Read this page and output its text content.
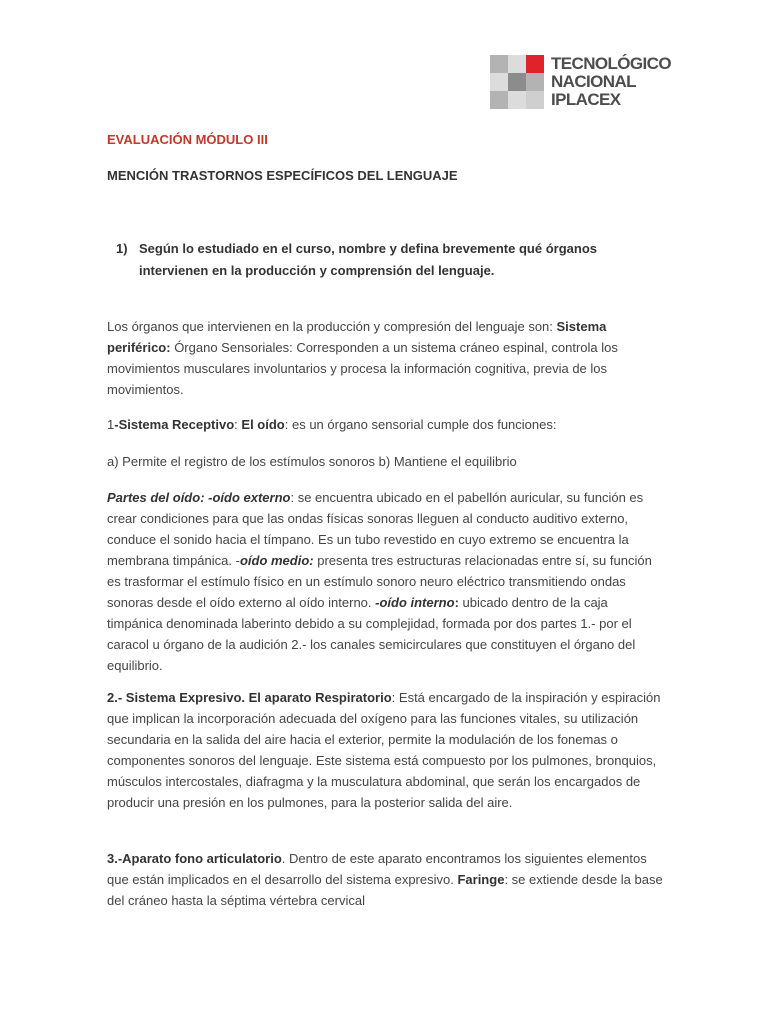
TECNOLÓGICO
NACIONAL
IPLACEX
EVALUACIÓN MÓDULO III
MENCIÓN TRASTORNOS ESPECÍFICOS DEL LENGUAJE
1) Según lo estudiado en el curso, nombre y defina brevemente qué órganos intervienen en la producción y comprensión del lenguaje.
Los órganos que intervienen en la producción y compresión del lenguaje son: Sistema periférico: Órgano Sensoriales: Corresponden a un sistema cráneo espinal, controla los movimientos musculares involuntarios y procesa la información cognitiva, previa de los movimientos.
1-Sistema Receptivo: El oído: es un órgano sensorial cumple dos funciones:
a) Permite el registro de los estímulos sonoros b) Mantiene el equilibrio
Partes del oído: -oído externo: se encuentra ubicado en el pabellón auricular, su función es crear condiciones para que las ondas físicas sonoras lleguen al conducto auditivo externo, conduce el sonido hacia el tímpano. Es un tubo revestido en cuyo extremo se encuentra la membrana timpánica. -oído medio: presenta tres estructuras relacionadas entre sí, su función es trasformar el estímulo físico en un estímulo sonoro neuro eléctrico transmitiendo ondas sonoras desde el oído externo al oído interno. -oído interno: ubicado dentro de la caja timpánica denominada laberinto debido a su complejidad, formada por dos partes 1.- por el caracol u órgano de la audición 2.- los canales semicirculares que constituyen el órgano del equilibrio.
2.- Sistema Expresivo. El aparato Respiratorio: Está encargado de la inspiración y espiración que implican la incorporación adecuada del oxígeno para las funciones vitales, su utilización secundaria en la salida del aire hacia el exterior, permite la modulación de los fonemas o componentes sonoros del lenguaje. Este sistema está compuesto por los pulmones, bronquios, músculos intercostales, diafragma y la musculatura abdominal, que serán los encargados de producir una presión en los pulmones, para la posterior salida del aire.
3.-Aparato fono articulatorio. Dentro de este aparato encontramos los siguientes elementos que están implicados en el desarrollo del sistema expresivo. Faringe: se extiende desde la base del cráneo hasta la séptima vértebra cervical
